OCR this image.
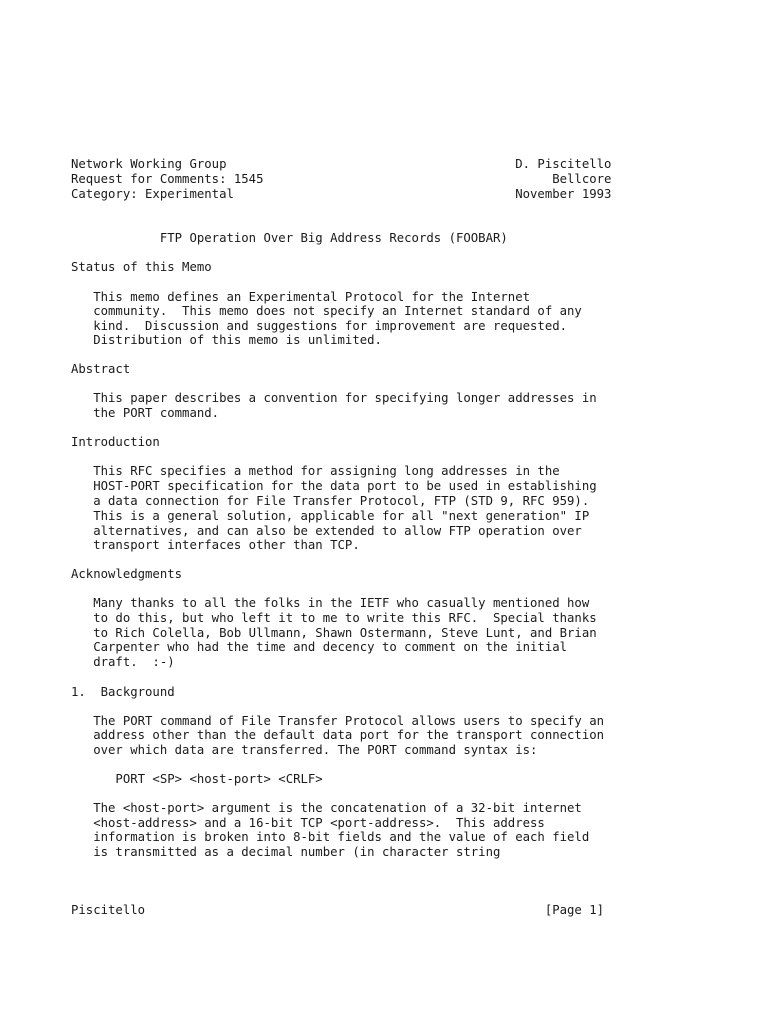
Network Working Group                                       D. Piscitello

Request for Comments: 1545                                       Bellcore

Category: Experimental                                      November 1993

FTP Operation Over Big Address Records (FOOBAR)

Status of this Memo

This memo defines an Experimental Protocol for the Internet

community.  This memo does not specify an Internet standard of any

kind.  Discussion and suggestions for improvement are requested.

Distribution of this memo is unlimited.

Abstract

This paper describes a convention for specifying longer addresses in

the PORT command.

Introduction

This RFC specifies a method for assigning long addresses in the

HOST-PORT specification for the data port to be used in establishing

a data connection for File Transfer Protocol, FTP (STD 9, RFC 959).

This is a general solution, applicable for all "next generation" IP

alternatives, and can also be extended to allow FTP operation over

transport interfaces other than TCP.

Acknowledgments

Many thanks to all the folks in the IETF who casually mentioned how

to do this, but who left it to me to write this RFC.  Special thanks

to Rich Colella, Bob Ullmann, Shawn Ostermann, Steve Lunt, and Brian

Carpenter who had the time and decency to comment on the initial

draft.  :-)

1.  Background

The PORT command of File Transfer Protocol allows users to specify an

address other than the default data port for the transport connection

over which data are transferred. The PORT command syntax is:

PORT <SP> <host-port> <CRLF>

The <host-port> argument is the concatenation of a 32-bit internet

<host-address> and a 16-bit TCP <port-address>.  This address

information is broken into 8-bit fields and the value of each field

is transmitted as a decimal number (in character string

Piscitello                                                      [Page 1]
